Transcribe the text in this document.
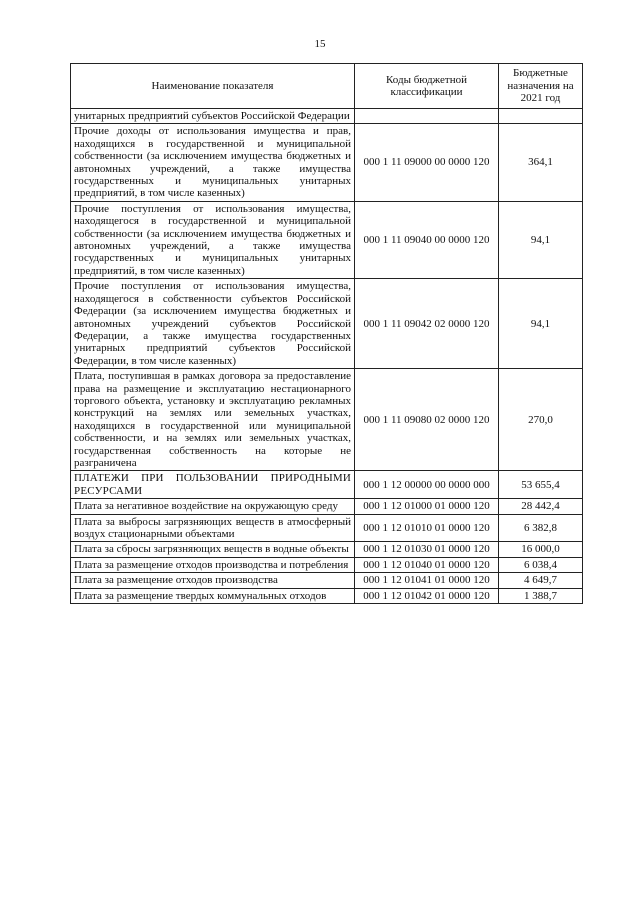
15
Наименование показателя	Коды бюджетной классификации	Бюджетные назначения на 2021 год
унитарных предприятий субъектов Российской Федерации		
Прочие доходы от использования имущества и прав, находящихся в государственной и муниципальной собственности (за исключением имущества бюджетных и автономных учреждений, а также имущества государственных и муниципальных унитарных предприятий, в том числе казенных)	000 1 11 09000 00 0000 120	364,1
Прочие поступления от использования имущества, находящегося в государственной и муниципальной собственности (за исключением имущества бюджетных и автономных учреждений, а также имущества государственных и муниципальных унитарных предприятий, в том числе казенных)	000 1 11 09040 00 0000 120	94,1
Прочие поступления от использования имущества, находящегося в собственности субъектов Российской Федерации (за исключением имущества бюджетных и автономных учреждений субъектов Российской Федерации, а также имущества государственных унитарных предприятий субъектов Российской Федерации, в том числе казенных)	000 1 11 09042 02 0000 120	94,1
Плата, поступившая в рамках договора за предоставление права на размещение и эксплуатацию нестационарного торгового объекта, установку и эксплуатацию рекламных конструкций на землях или земельных участках, находящихся в государственной или муниципальной собственности, и на землях или земельных участках, государственная собственность на которые не разграничена	000 1 11 09080 02 0000 120	270,0
ПЛАТЕЖИ ПРИ ПОЛЬЗОВАНИИ ПРИРОДНЫМИ РЕСУРСАМИ	000 1 12 00000 00 0000 000	53 655,4
Плата за негативное воздействие на окружающую среду	000 1 12 01000 01 0000 120	28 442,4
Плата за выбросы загрязняющих веществ в атмосферный воздух стационарными объектами	000 1 12 01010 01 0000 120	6 382,8
Плата за сбросы загрязняющих веществ в водные объекты	000 1 12 01030 01 0000 120	16 000,0
Плата за размещение отходов производства и потребления	000 1 12 01040 01 0000 120	6 038,4
Плата за размещение отходов производства	000 1 12 01041 01 0000 120	4 649,7
Плата за размещение твердых коммунальных отходов	000 1 12 01042 01 0000 120	1 388,7
